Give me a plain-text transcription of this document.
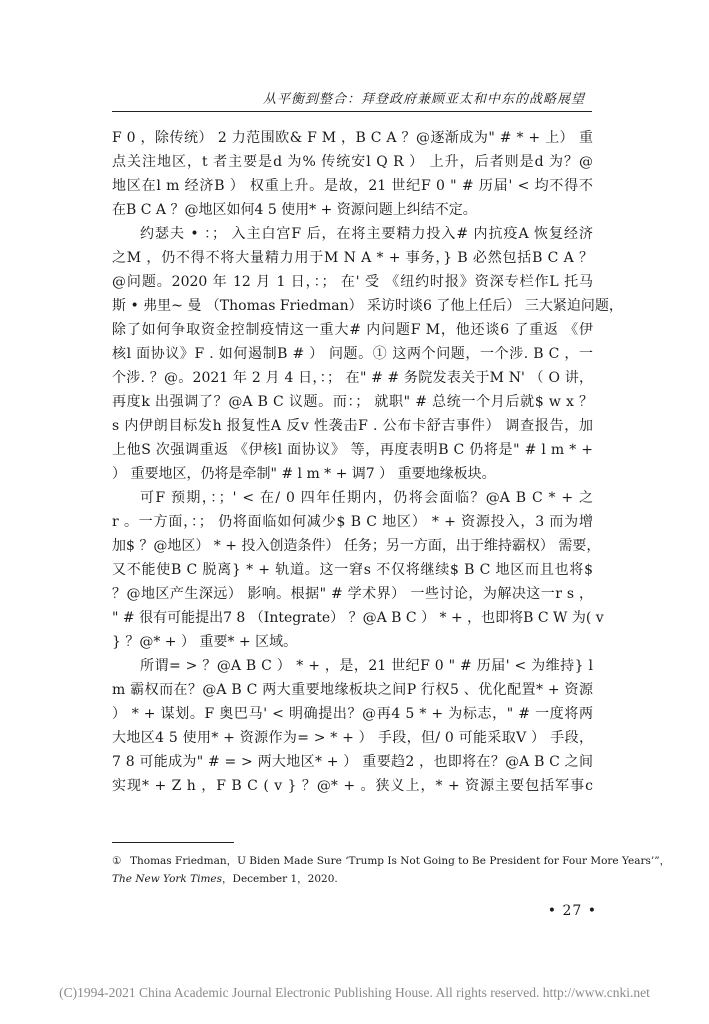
从平衡到整合：拜登政府兼顾亚太和中东的战略展望
F 0 ，除传统） 2 力范围欧& F M ，B C A ？@逐渐成为" # * + 上） 重
点关注地区，t 者主要是d 为% 传统安l Q R ） 上升，后者则是d 为？@
地区在l m 经济B ） 权重上升。是故，21 世纪F 0 " # 历届' < 均不得不
在B C A ？@地区如何4 5 使用* + 资源问题上纠结不定。
约瑟夫 • ：； 入主白宫F 后，在将主要精力投入# 内抗疫A 恢复经济
之M ，仍不得不将大量精力用于M N A * + 事务，} B 必然包括B C A ？
@问题。2020 年 12 月 1 日，：； 在' 受 《纽约时报》资深专栏作L 托马
斯 • 弗里~ 曼 （Thomas Friedman） 采访时谈6 了他上任后） 三大紧迫问题，
除了如何争取资金控制疫情这一重大# 内问题F M，他还谈6 了重返 《伊
核l 面协议》F . 如何遏制B # ） 问题。① 这两个问题，一个涉. B C ，一
个涉. ？@。2021 年 2 月 4 日，：； 在" # # 务院发表关于M N' （ O 讲，
再度k 出强调了？@A B C 议题。而：； 就职" # 总统一个月后就$ w x ？
s 内伊朗目标发h 报复性A 反v 性袭击F . 公布卡舒吉事件） 调查报告，加
上他S 次强调重返 《伊核l 面协议》 等，再度表明B C 仍将是" # l m * +
） 重要地区，仍将是牵制" # l m * + 调7 ） 重要地缘板块。
可F 预期，：；' < 在/ 0 四年任期内，仍将会面临？@A B C * + 之
r 。一方面，：； 仍将面临如何减少$ B C 地区） * + 资源投入，3 而为增
加$ ？@地区） * + 投入创造条件） 任务；另一方面，出于维持霸权） 需要，
又不能使B C 脱离} * + 轨道。这一窘s 不仅将继续$ B C 地区而且也将$
？@地区产生深远） 影响。根据" # 学术界） 一些讨论，为解决这一r s ，
" # 很有可能提出7 8 （Integrate） ？@A B C ） * + ，也即将B C W 为( v
} ？@* + ） 重要* + 区域。
所谓= > ？@A B C ） * + ，是，21 世纪F 0 " # 历届' < 为维持} l
m 霸权而在？@A B C 两大重要地缘板块之间P 行权5 、优化配置* + 资源
） * + 谋划。F 奥巴马' < 明确提出？@再4 5 * + 为标志，" # 一度将两
大地区4 5 使用* + 资源作为= > * + ） 手段，但/ 0 可能采取V ） 手段，
7 8 可能成为" # = > 两大地区* + ） 重要趋2 ，也即将在？@A B C 之间
实现* + Z h ，F B C ( v } ？@* + 。狭义上，* + 资源主要包括军事c
① Thomas Friedman，U Biden Made Sure ‘Trump Is Not Going to Be President for Four More Years’”，
The New York Times，December 1，2020.
• 27 •
(C)1994-2021 China Academic Journal Electronic Publishing House. All rights reserved. http://www.cnki.net
